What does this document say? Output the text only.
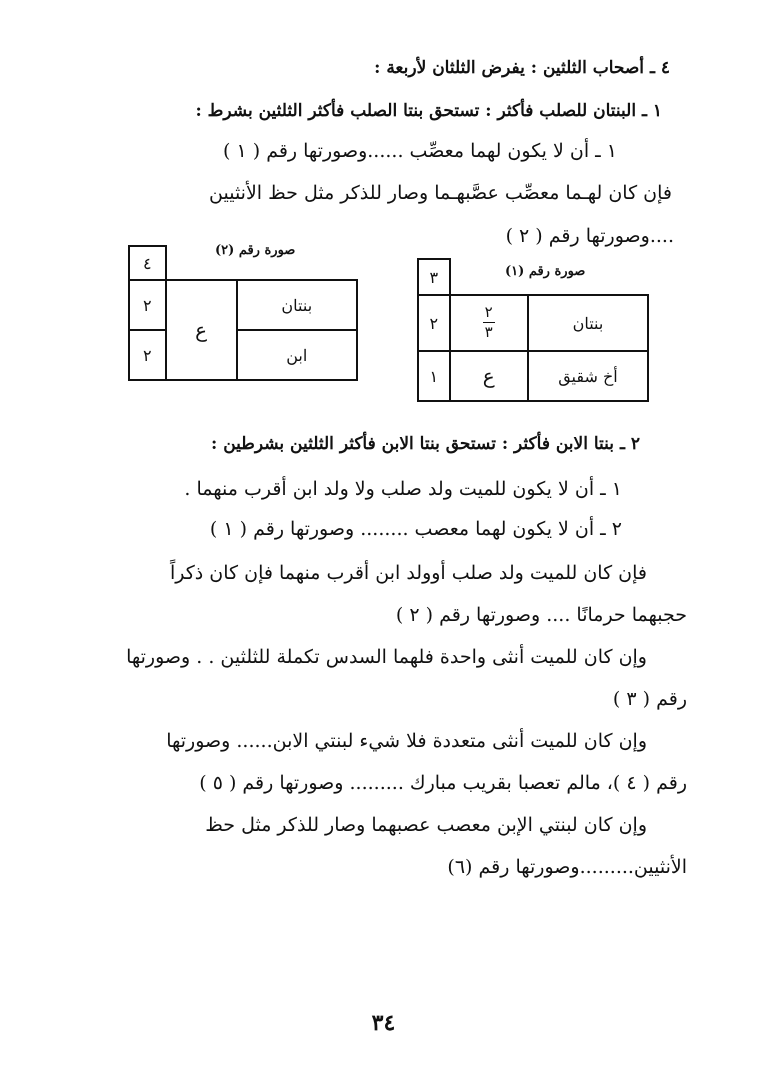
٤ ـ أصحاب الثلثين : يفرض الثلثان لأربعة :
١ ـ البنتان للصلب فأكثر : تستحق بنتا الصلب فأكثر الثلثين بشرط :
١ ـ أن لا يكون لهما معصِّب ......وصورتها رقم ( ١ )
فإن كان لهـما معصِّب عصَّبهـما وصار للذكر مثل حظ الأنثيين
....وصورتها رقم ( ٢ )
صورة رقم (٢)
		٤
بنتان	ع	٢
ابن		٢
صورة رقم (١)
		٣
بنتان	$\frac{٢}{٣}$	٢
أخ شقيق	ع	١
٢ ـ بنتا الابن فأكثر : تستحق بنتا الابن فأكثر الثلثين بشرطين :
١ ـ أن لا يكون للميت ولد صلب ولا ولد ابن أقرب منهما .
٢ ـ أن لا يكون لهما معصب ........ وصورتها رقم ( ١ )
فإن كان للميت ولد صلب أوولد ابن أقرب منهما فإن كان ذكراً
حجبهما حرمانًا .... وصورتها رقم ( ٢ )
وإن كان للميت أنثى واحدة فلهما السدس تكملة للثلثين . . وصورتها
رقم ( ٣ )
وإن كان للميت أنثى متعددة فلا شيء لبنتي الابن...... وصورتها
رقم ( ٤ )، مالم تعصبا بقريب مبارك ......... وصورتها رقم ( ٥ )
وإن كان لبنتي الإبن معصب عصبهما وصار للذكر مثل حظ
الأنثيين.........وصورتها رقم (٦)
٣٤
